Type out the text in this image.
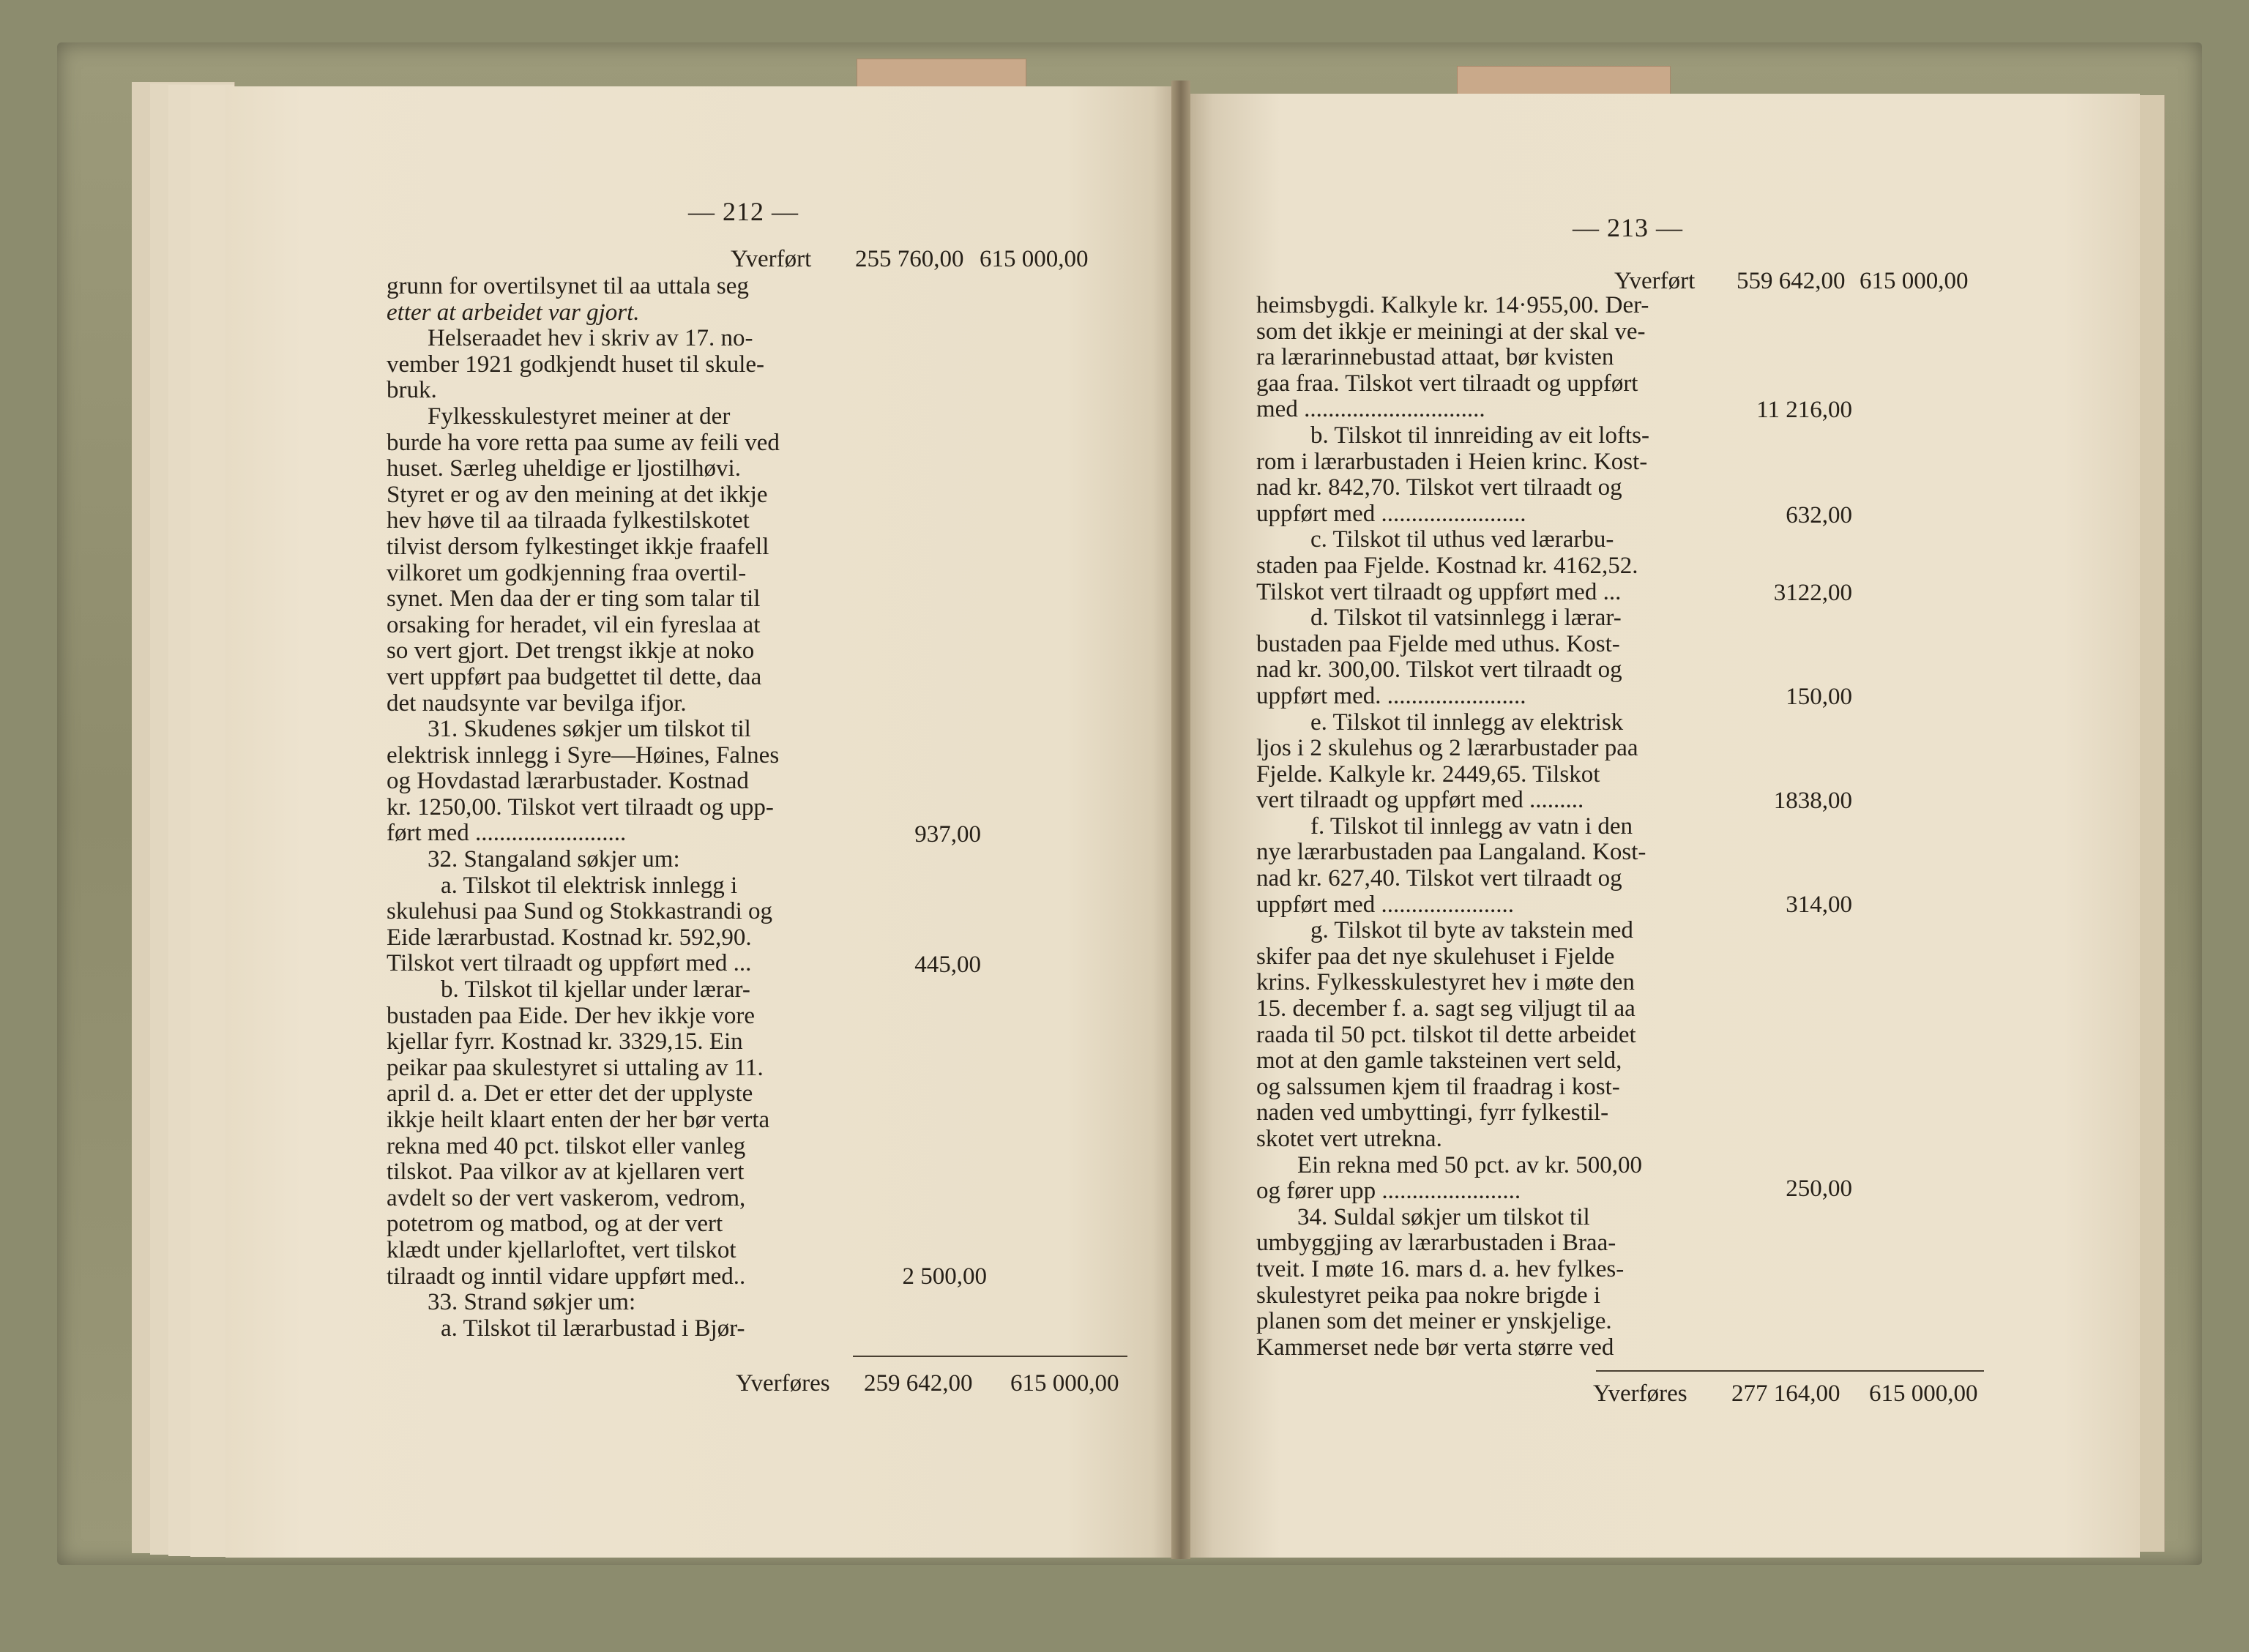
— 212 —
Yverført 255 760,00 615 000,00
grunn for overtilsynet til aa uttala seg
etter at arbeidet var gjort.
Helseraadet hev i skriv av 17. no-
vember 1921 godkjendt huset til skule-
bruk.
Fylkesskulestyret meiner at der
burde ha vore retta paa sume av feili ved
huset. Særleg uheldige er ljostilhøvi.
Styret er og av den meining at det ikkje
hev høve til aa tilraada fylkestilskotet
tilvist dersom fylkestinget ikkje fraafell
vilkoret um godkjenning fraa overtil-
synet. Men daa der er ting som talar til
orsaking for heradet, vil ein fyreslaa at
so vert gjort. Det trengst ikkje at noko
vert uppført paa budgettet til dette, daa
det naudsynte var bevilga ifjor.
31. Skudenes søkjer um tilskot til
elektrisk innlegg i Syre—Høines, Falnes
og Hovdastad lærarbustader. Kostnad
kr. 1250,00. Tilskot vert tilraadt og upp-
ført med .........................
32. Stangaland søkjer um:
a. Tilskot til elektrisk innlegg i
skulehusi paa Sund og Stokkastrandi og
Eide lærarbustad. Kostnad kr. 592,90.
Tilskot vert tilraadt og uppført med ...
b. Tilskot til kjellar under lærar-
bustaden paa Eide. Der hev ikkje vore
kjellar fyrr. Kostnad kr. 3329,15. Ein
peikar paa skulestyret si uttaling av 11.
april d. a. Det er etter det der upplyste
ikkje heilt klaart enten der her bør verta
rekna med 40 pct. tilskot eller vanleg
tilskot. Paa vilkor av at kjellaren vert
avdelt so der vert vaskerom, vedrom,
potetrom og matbod, og at der vert
klædt under kjellarloftet, vert tilskot
tilraadt og inntil vidare uppført med..
33. Strand søkjer um:
a. Tilskot til lærarbustad i Bjør-
937,00
445,00
2 500,00
Yverføres 259 642,00 615 000,00
— 213 —
Yverført 559 642,00 615 000,00
heimsbygdi. Kalkyle kr. 14·955,00. Der-
som det ikkje er meiningi at der skal ve-
ra lærarinnebustad attaat, bør kvisten
gaa fraa. Tilskot vert tilraadt og uppført
med ..............................
b. Tilskot til innreiding av eit lofts-
rom i lærarbustaden i Heien krinc. Kost-
nad kr. 842,70. Tilskot vert tilraadt og
uppført med ........................
c. Tilskot til uthus ved lærarbu-
staden paa Fjelde. Kostnad kr. 4162,52.
Tilskot vert tilraadt og uppført med ...
d. Tilskot til vatsinnlegg i lærar-
bustaden paa Fjelde med uthus. Kost-
nad kr. 300,00. Tilskot vert tilraadt og
uppført med. .......................
e. Tilskot til innlegg av elektrisk
ljos i 2 skulehus og 2 lærarbustader paa
Fjelde. Kalkyle kr. 2449,65. Tilskot
vert tilraadt og uppført med .........
f. Tilskot til innlegg av vatn i den
nye lærarbustaden paa Langaland. Kost-
nad kr. 627,40. Tilskot vert tilraadt og
uppført med ......................
g. Tilskot til byte av takstein med
skifer paa det nye skulehuset i Fjelde
krins. Fylkesskulestyret hev i møte den
15. december f. a. sagt seg viljugt til aa
raada til 50 pct. tilskot til dette arbeidet
mot at den gamle taksteinen vert seld,
og salssumen kjem til fraadrag i kost-
naden ved umbyttingi, fyrr fylkestil-
skotet vert utrekna.
Ein rekna med 50 pct. av kr. 500,00
og fører upp .......................
34. Suldal søkjer um tilskot til
umbyggjing av lærarbustaden i Braa-
tveit. I møte 16. mars d. a. hev fylkes-
skulestyret peika paa nokre brigde i
planen som det meiner er ynskjelige.
Kammerset nede bør verta større ved
11 216,00
632,00
3122,00
150,00
1838,00
314,00
250,00
Yverføres 277 164,00 615 000,00
